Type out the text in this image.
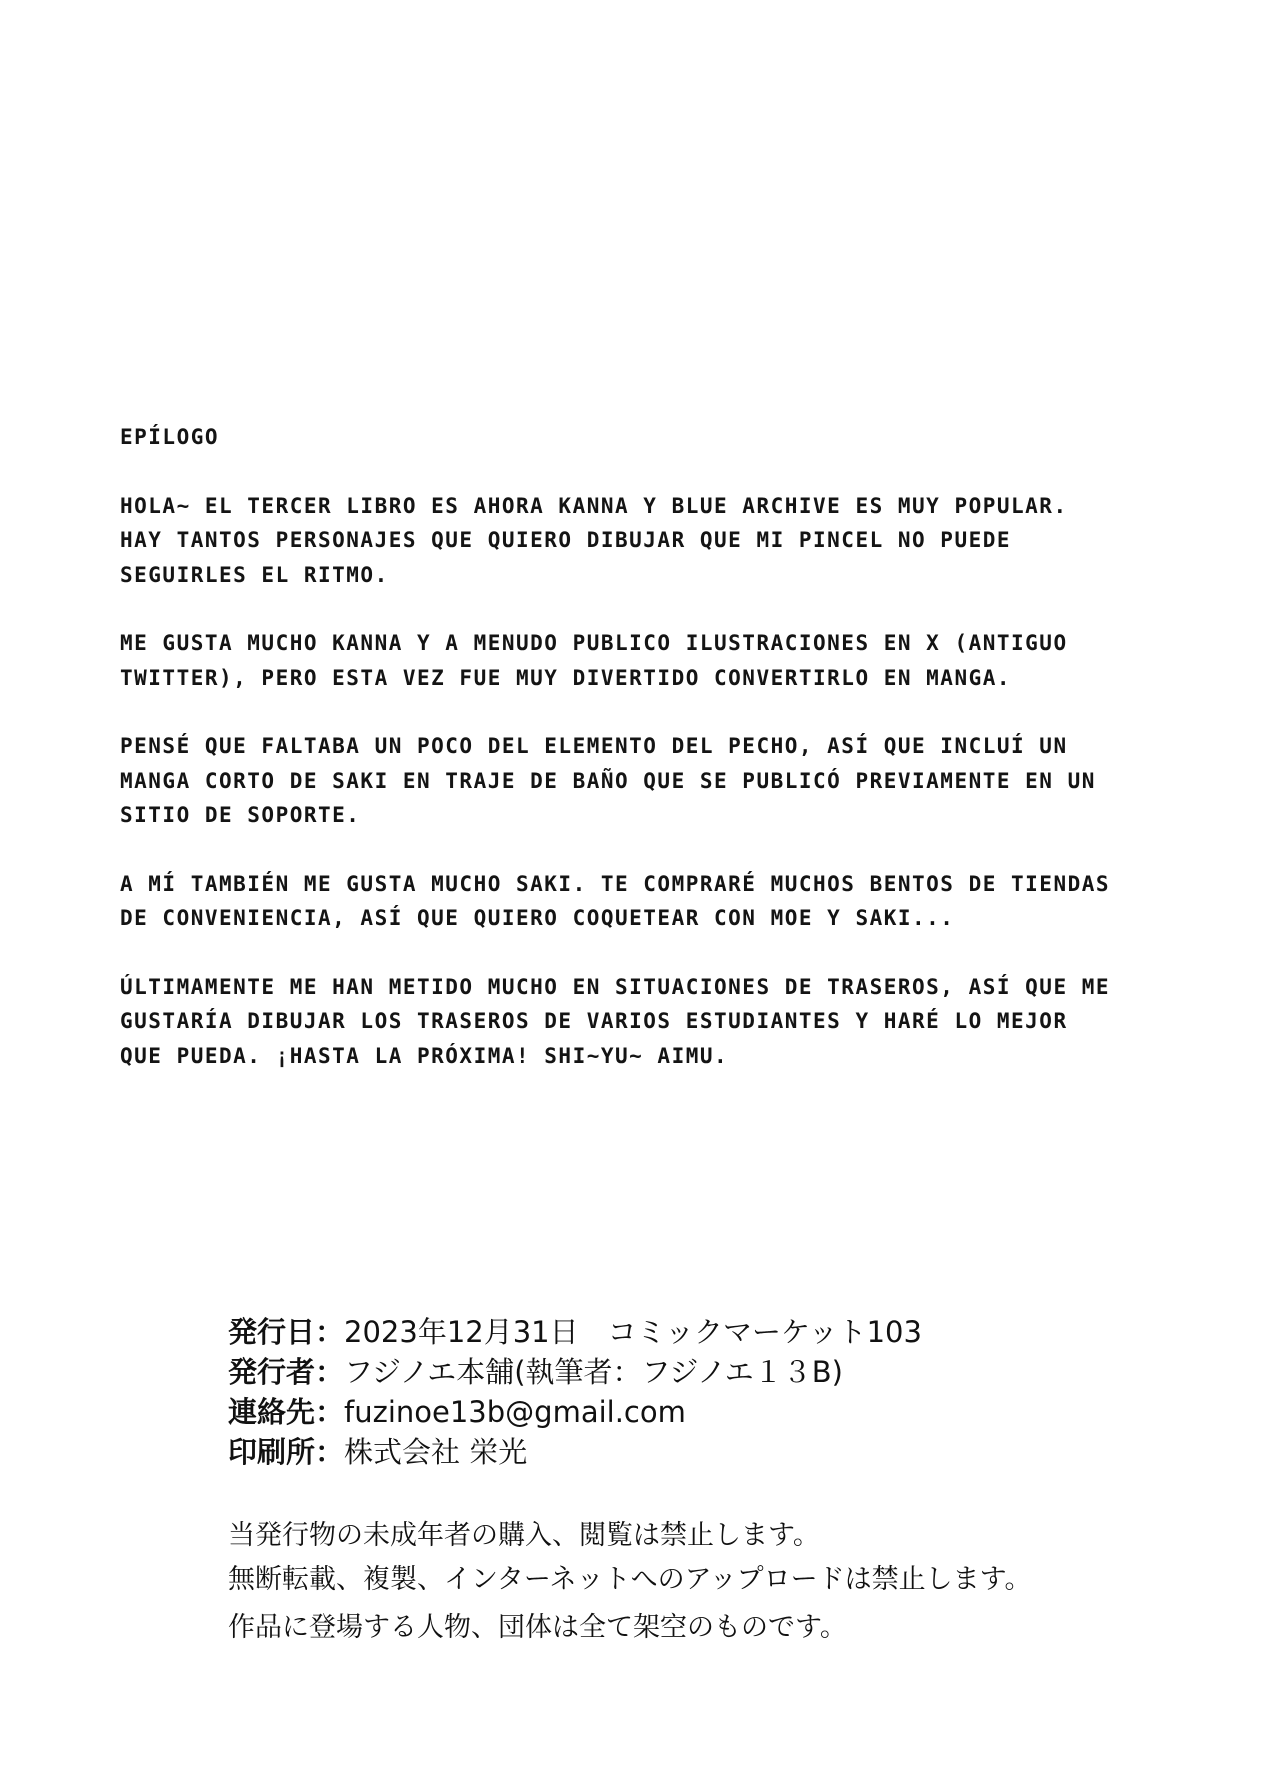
EPÍLOGO

HOLA~ EL TERCER LIBRO ES AHORA KANNA Y BLUE ARCHIVE ES MUY POPULAR. HAY TANTOS PERSONAJES QUE QUIERO DIBUJAR QUE MI PINCEL NO PUEDE SEGUIRLES EL RITMO.

ME GUSTA MUCHO KANNA Y A MENUDO PUBLICO ILUSTRACIONES EN X (ANTIGUO TWITTER), PERO ESTA VEZ FUE MUY DIVERTIDO CONVERTIRLO EN MANGA.

PENSÉ QUE FALTABA UN POCO DEL ELEMENTO DEL PECHO, ASÍ QUE INCLUÍ UN MANGA CORTO DE SAKI EN TRAJE DE BAÑO QUE SE PUBLICÓ PREVIAMENTE EN UN SITIO DE SOPORTE.

A MÍ TAMBIÉN ME GUSTA MUCHO SAKI. TE COMPRARÉ MUCHOS BENTOS DE TIENDAS DE CONVENIENCIA, ASÍ QUE QUIERO COQUETEAR CON MOE Y SAKI...

ÚLTIMAMENTE ME HAN METIDO MUCHO EN SITUACIONES DE TRASEROS, ASÍ QUE ME GUSTARÍA DIBUJAR LOS TRASEROS DE VARIOS ESTUDIANTES Y HARÉ LO MEJOR QUE PUEDA. ¡HASTA LA PRÓXIMA! SHI~YU~ AIMU.

発行日：2023年12月31日　コミックマーケット103
発行者：フジノエ本舗(執筆者：フジノエ１３B)
連絡先：fuzinoe13b@gmail.com
印刷所：株式会社 栄光
当発行物の未成年者の購入、閲覧は禁止します。
無断転載、複製、インターネットへのアップロードは禁止します。
作品に登場する人物、団体は全て架空のものです。
